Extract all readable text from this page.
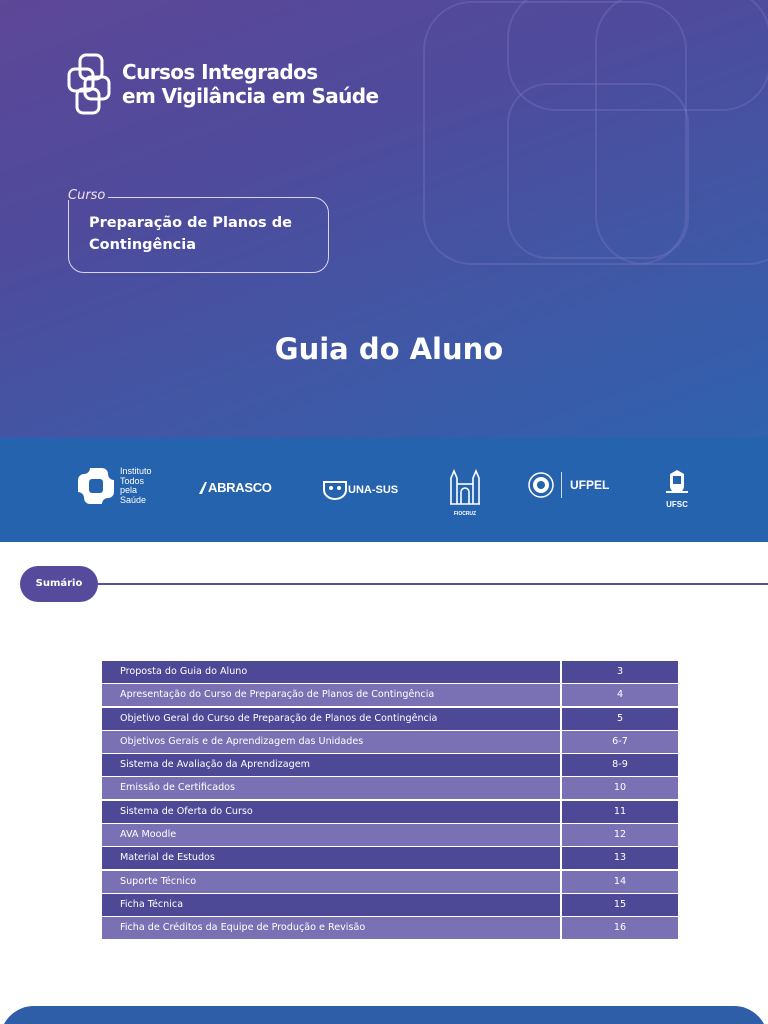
Cursos Integrados
em Vigilância em Saúde
Curso
Preparação de Planos de Contingência
Guia do Aluno
Instituto
Todos
pela
Saúde
ABRASCO	UNA-SUS
FIOCRUZ
UFPEL
UFSC
Sumário
Proposta do Guia do Aluno	3
Apresentação do Curso de Preparação de Planos de Contingência	4
Objetivo Geral do Curso de Preparação de Planos de Contingência	5
Objetivos Gerais e de Aprendizagem das Unidades	6-7
Sistema de Avaliação da Aprendizagem	8-9
Emissão de Certificados	10
Sistema de Oferta do Curso	11
AVA Moodle	12
Material de Estudos	13
Suporte Técnico	14
Ficha Técnica	15
Ficha de Créditos da Equipe de Produção e Revisão	16
